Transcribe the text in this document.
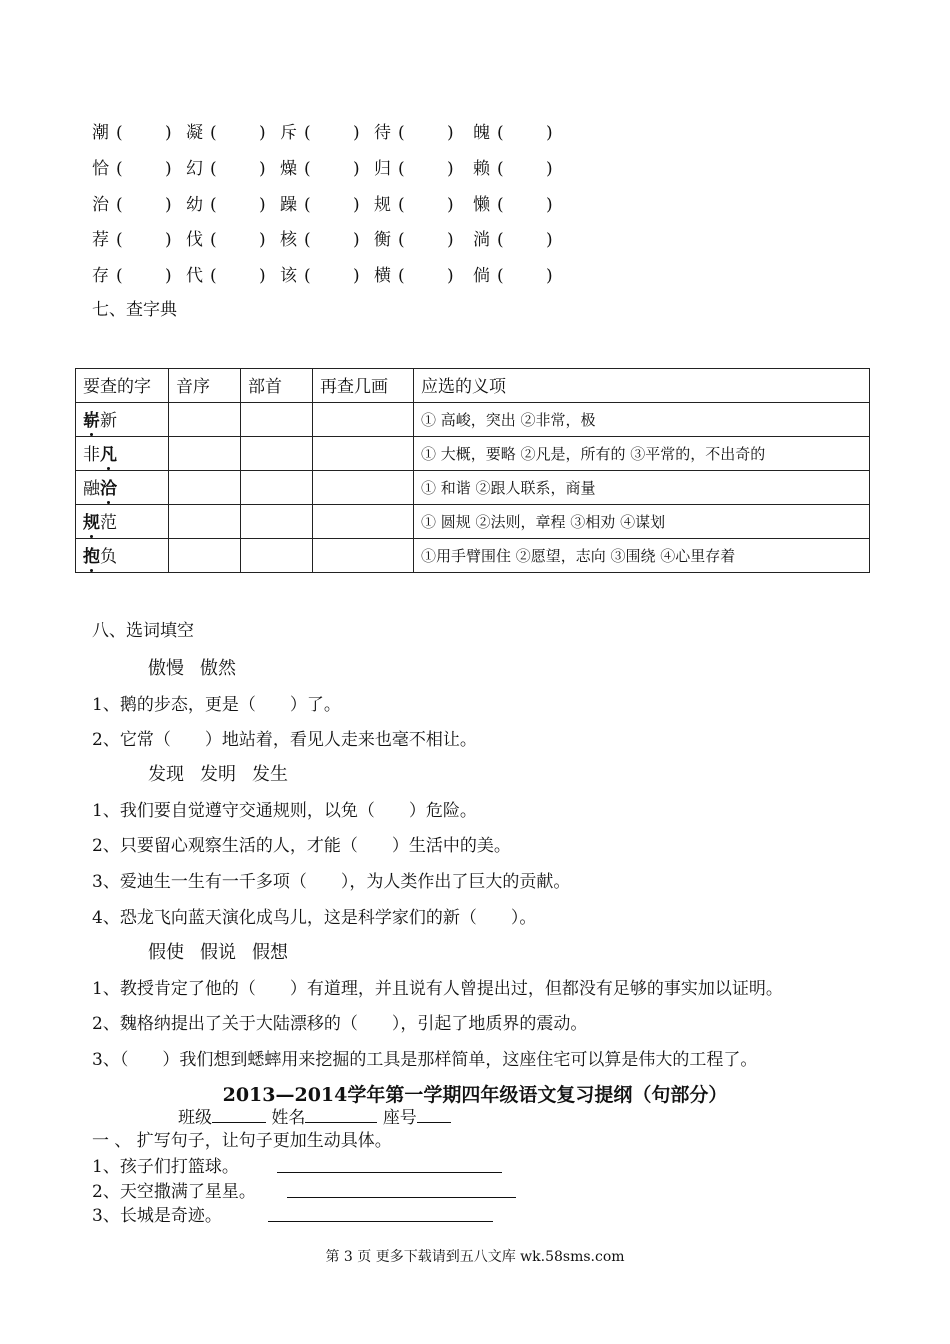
潮 ( ) 凝 ( ) 斥 ( ) 待 ( ) 魄 ( )
恰 ( ) 幻 ( ) 燥 ( ) 归 ( ) 赖 ( )
治 ( ) 幼 ( ) 躁 ( ) 规 ( ) 懒 ( )
荐 ( ) 伐 ( ) 核 ( ) 衡 ( ) 淌 ( )
存 ( ) 代 ( ) 该 ( ) 横 ( ) 倘 ( )
七、查字典
要查的字	音序	部首	再查几画	应选的义项
崭新				① 高峻，突出 ②非常，极
非凡				① 大概，要略 ②凡是，所有的 ③平常的，不出奇的
融洽				① 和谐 ②跟人联系，商量
规范				① 圆规 ②法则，章程 ③相劝 ④谋划
抱负				①用手臂围住 ②愿望，志向 ③围绕 ④心里存着
八、选词填空
傲慢 傲然
1、鹅的步态，更是（　　）了。
2、它常（　　）地站着，看见人走来也毫不相让。
发现 发明 发生
1、我们要自觉遵守交通规则，以免（　　）危险。
2、只要留心观察生活的人，才能（　　）生活中的美。
3、爱迪生一生有一千多项（　　），为人类作出了巨大的贡献。
4、恐龙飞向蓝天演化成鸟儿，这是科学家们的新（　　）。
假使 假说 假想
1、教授肯定了他的（　　）有道理，并且说有人曾提出过，但都没有足够的事实加以证明。
2、魏格纳提出了关于大陆漂移的（　　），引起了地质界的震动。
3、（　　）我们想到蟋蟀用来挖掘的工具是那样简单，这座住宅可以算是伟大的工程了。
2013—2014学年第一学期四年级语文复习提纲（句部分）
班级	姓名	座号
一 、 扩写句子，让句子更加生动具体。
1、孩子们打篮球。
2、天空撒满了星星。
3、长城是奇迹。
第 3 页 更多下载请到五八文库 wk.58sms.com
